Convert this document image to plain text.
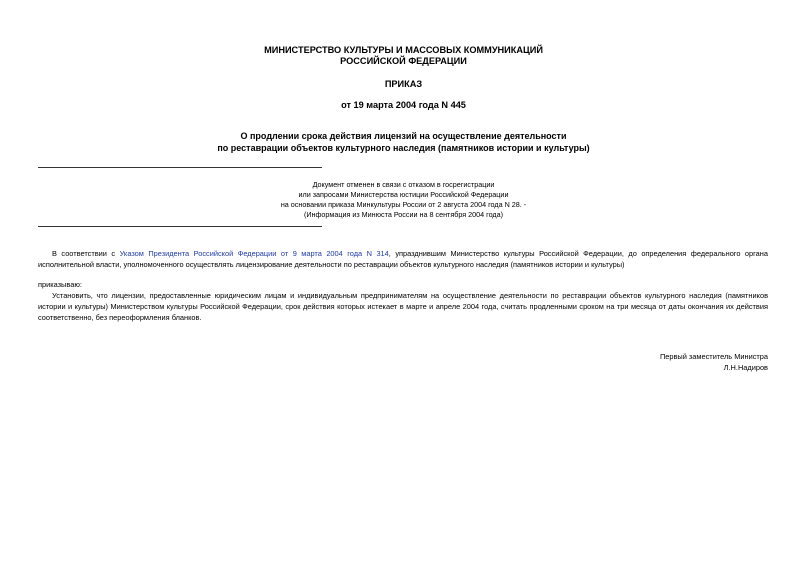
МИНИСТЕРСТВО КУЛЬТУРЫ И МАССОВЫХ КОММУНИКАЦИЙ
РОССИЙСКОЙ ФЕДЕРАЦИИ
ПРИКАЗ
от 19 марта 2004 года N 445
О продлении срока действия лицензий на осуществление деятельности
по реставрации объектов культурного наследия (памятников истории и культуры)
Документ отменен в связи с отказом в госрегистрации
или запросами Министерства юстиции Российской Федерации
на основании приказа Минкультуры России от 2 августа 2004 года N 28. -
(Информация из Минюста России на 8 сентября 2004 года)
В соответствии с Указом Президента Российской Федерации от 9 марта 2004 года N 314, упразднившим Министерство культуры Российской Федерации, до определения федерального органа исполнительной власти, уполномоченного осуществлять лицензирование деятельности по реставрации объектов культурного наследия (памятников истории и культуры)
приказываю:
Установить, что лицензии, предоставленные юридическим лицам и индивидуальным предпринимателям на осуществление деятельности по реставрации объектов культурного наследия (памятников истории и культуры) Министерством культуры Российской Федерации, срок действия которых истекает в марте и апреле 2004 года, считать продленными сроком на три месяца от даты окончания их действия соответственно, без переоформления бланков.
Первый заместитель Министра
Л.Н.Надиров
